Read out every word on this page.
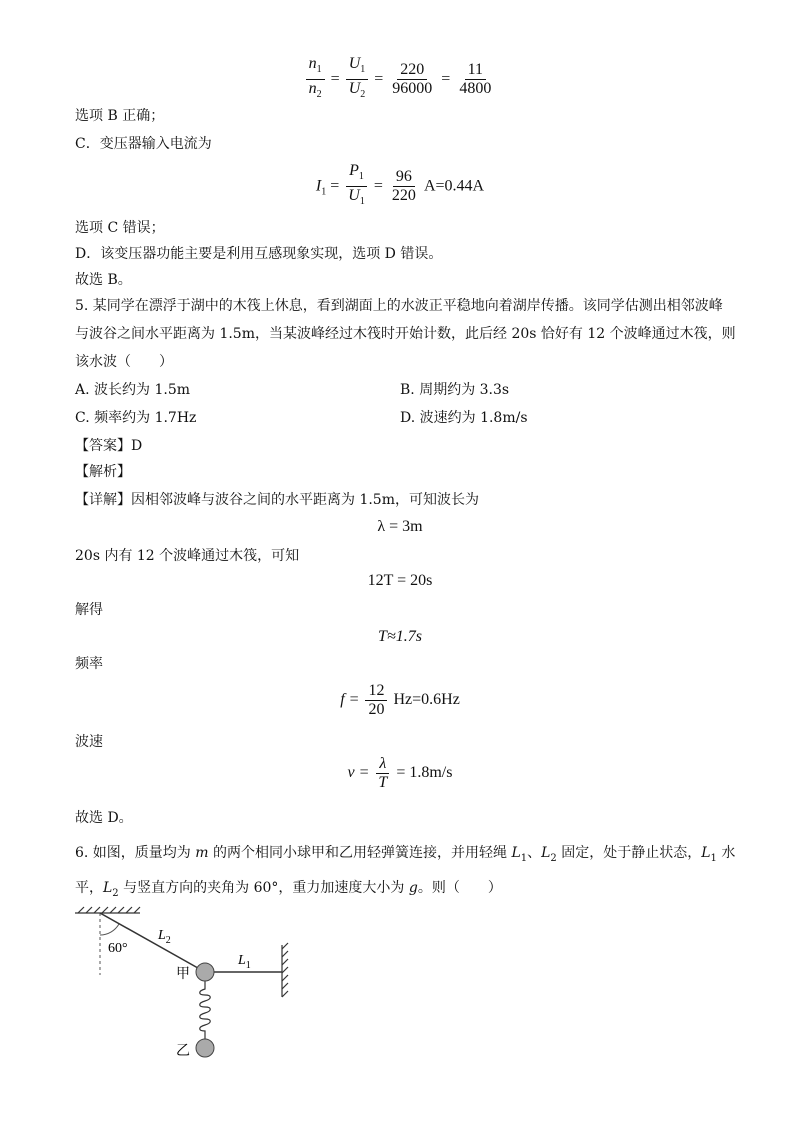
$\frac{n_1}{n_2} = \frac{U_1}{U_2} = \frac{220}{96000} = \frac{11}{4800}$
选项 B 正确；
C．变压器输入电流为
$I_1 = \frac{P_1}{U_1} = \frac{96}{220} A=0.44A$
选项 C 错误；
D．该变压器功能主要是利用互感现象实现，选项 D 错误。
故选 B。
5. 某同学在漂浮于湖中的木筏上休息，看到湖面上的水波正平稳地向着湖岸传播。该同学估测出相邻波峰
与波谷之间水平距离为 1.5m，当某波峰经过木筏时开始计数，此后经 20s 恰好有 12 个波峰通过木筏，则
该水波（　　）
A. 波长约为 1.5m	B. 周期约为 3.3s
C. 频率约为 1.7Hz	D. 波速约为 1.8m/s
【答案】D
【解析】
【详解】因相邻波峰与波谷之间的水平距离为 1.5m，可知波长为
λ = 3m
20s 内有 12 个波峰通过木筏，可知
12T = 20s
解得
T≈1.7s
频率
$f = \frac{12}{20} Hz=0.6Hz$
波速
$v = \frac{\lambda}{T} = 1.8m/s$
故选 D。
6. 如图，质量均为 m 的两个相同小球甲和乙用轻弹簧连接，并用轻绳 $L_1$、$L_2$ 固定，处于静止状态，$L_1$ 水
平，$L_2$ 与竖直方向的夹角为 60°，重力加速度大小为 g。则（　　）
60°
$L_2$
$L_1$
甲
乙
